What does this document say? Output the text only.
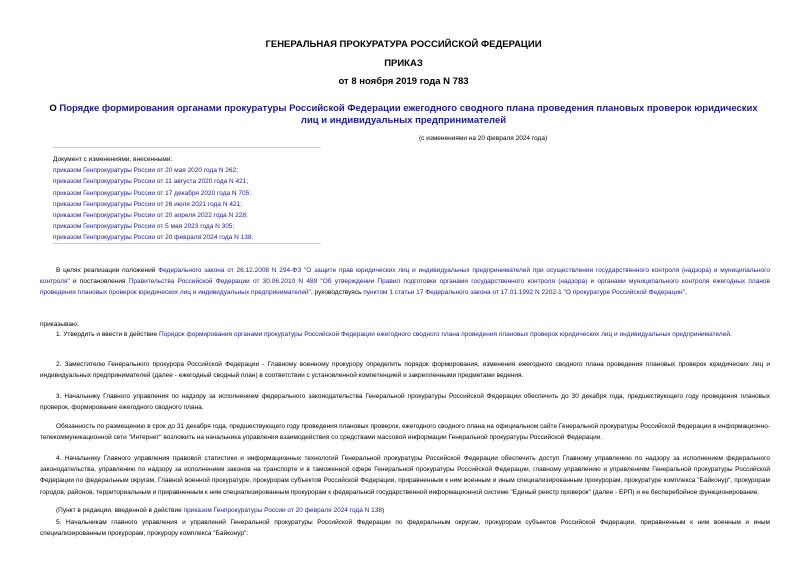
ГЕНЕРАЛЬНАЯ ПРОКУРАТУРА РОССИЙСКОЙ ФЕДЕРАЦИИ
ПРИКАЗ
от 8 ноября 2019 года N 783
О Порядке формирования органами прокуратуры Российской Федерации ежегодного сводного плана проведения плановых проверок юридических лиц и индивидуальных предпринимателей
(с изменениями на 20 февраля 2024 года)
Документ с изменениями, внесенными:
приказом Генпрокуратуры России от 20 мая 2020 года N 262;
приказом Генпрокуратуры России от 11 августа 2020 года N 421;
приказом Генпрокуратуры России от 17 декабря 2020 года N 705;
приказом Генпрокуратуры России от 26 июля 2021 года N 421;
приказом Генпрокуратуры России от 20 апреля 2022 года N 228;
приказом Генпрокуратуры России от 5 мая 2023 года N 305;
приказом Генпрокуратуры России от 20 февраля 2024 года N 138.
В целях реализации положений Федерального закона от 26.12.2008 N 294-ФЗ "О защите прав юридических лиц и индивидуальных предпринимателей при осуществлении государственного контроля (надзора) и муниципального контроля" и постановления Правительства Российской Федерации от 30.06.2010 N 489 "Об утверждении Правил подготовки органами государственного контроля (надзора) и органами муниципального контроля ежегодных планов проведения плановых проверок юридических лиц и индивидуальных предпринимателей", руководствуясь пунктом 1 статьи 17 Федерального закона от 17.01.1992 N 2202-1 "О прокуратуре Российской Федерации",
приказываю:
1. Утвердить и ввести в действие Порядок формирования органами прокуратуры Российской Федерации ежегодного сводного плана проведения плановых проверок юридических лиц и индивидуальных предпринимателей.
2. Заместителю Генерального прокурора Российской Федерации - Главному военному прокурору определить порядок формирования, изменения ежегодного сводного плана проведения плановых проверок юридических лиц и индивидуальных предпринимателей (далее - ежегодный сводный план) в соответствии с установленной компетенцией и закрепленными предметами ведения.
3. Начальнику Главного управления по надзору за исполнением федерального законодательства Генеральной прокуратуры Российской Федерации обеспечить до 30 декабря года, предшествующего году проведения плановых проверок, формирование ежегодного сводного плана.
Обязанность по размещению в срок до 31 декабря года, предшествующего году проведения плановых проверок, ежегодного сводного плана на официальном сайте Генеральной прокуратуры Российской Федерации в информационно-телекоммуникационной сети "Интернет" возложить на начальника управления взаимодействия со средствами массовой информации Генеральной прокуратуры Российской Федерации.
4. Начальнику Главного управления правовой статистики и информационных технологий Генеральной прокуратуры Российской Федерации обеспечить доступ Главному управлению по надзору за исполнением федерального законодательства, управлению по надзору за исполнением законов на транспорте и в таможенной сфере Генеральной прокуратуры Российской Федерации, главному управлению и управлениям Генеральной прокуратуры Российской Федерации по федеральным округам, Главной военной прокуратуре, прокурорам субъектов Российской Федерации, приравненным к ним военным и иным специализированным прокурорам, прокуратуре комплекса "Байконур", прокурорам городов, районов, территориальным и приравненным к ним специализированным прокурорам к федеральной государственной информационной системе "Единый реестр проверок" (далее - ЕРП) и ее бесперебойное функционирование.
(Пункт в редакции, введенной в действие приказом Генпрокуратуры России от 20 февраля 2024 года N 138)
5. Начальникам главного управления и управлений Генеральной прокуратуры Российской Федерации по федеральным округам, прокурорам субъектов Российской Федерации, приравненным к ним военным и иным специализированным прокурорам, прокурору комплекса "Байконур":
